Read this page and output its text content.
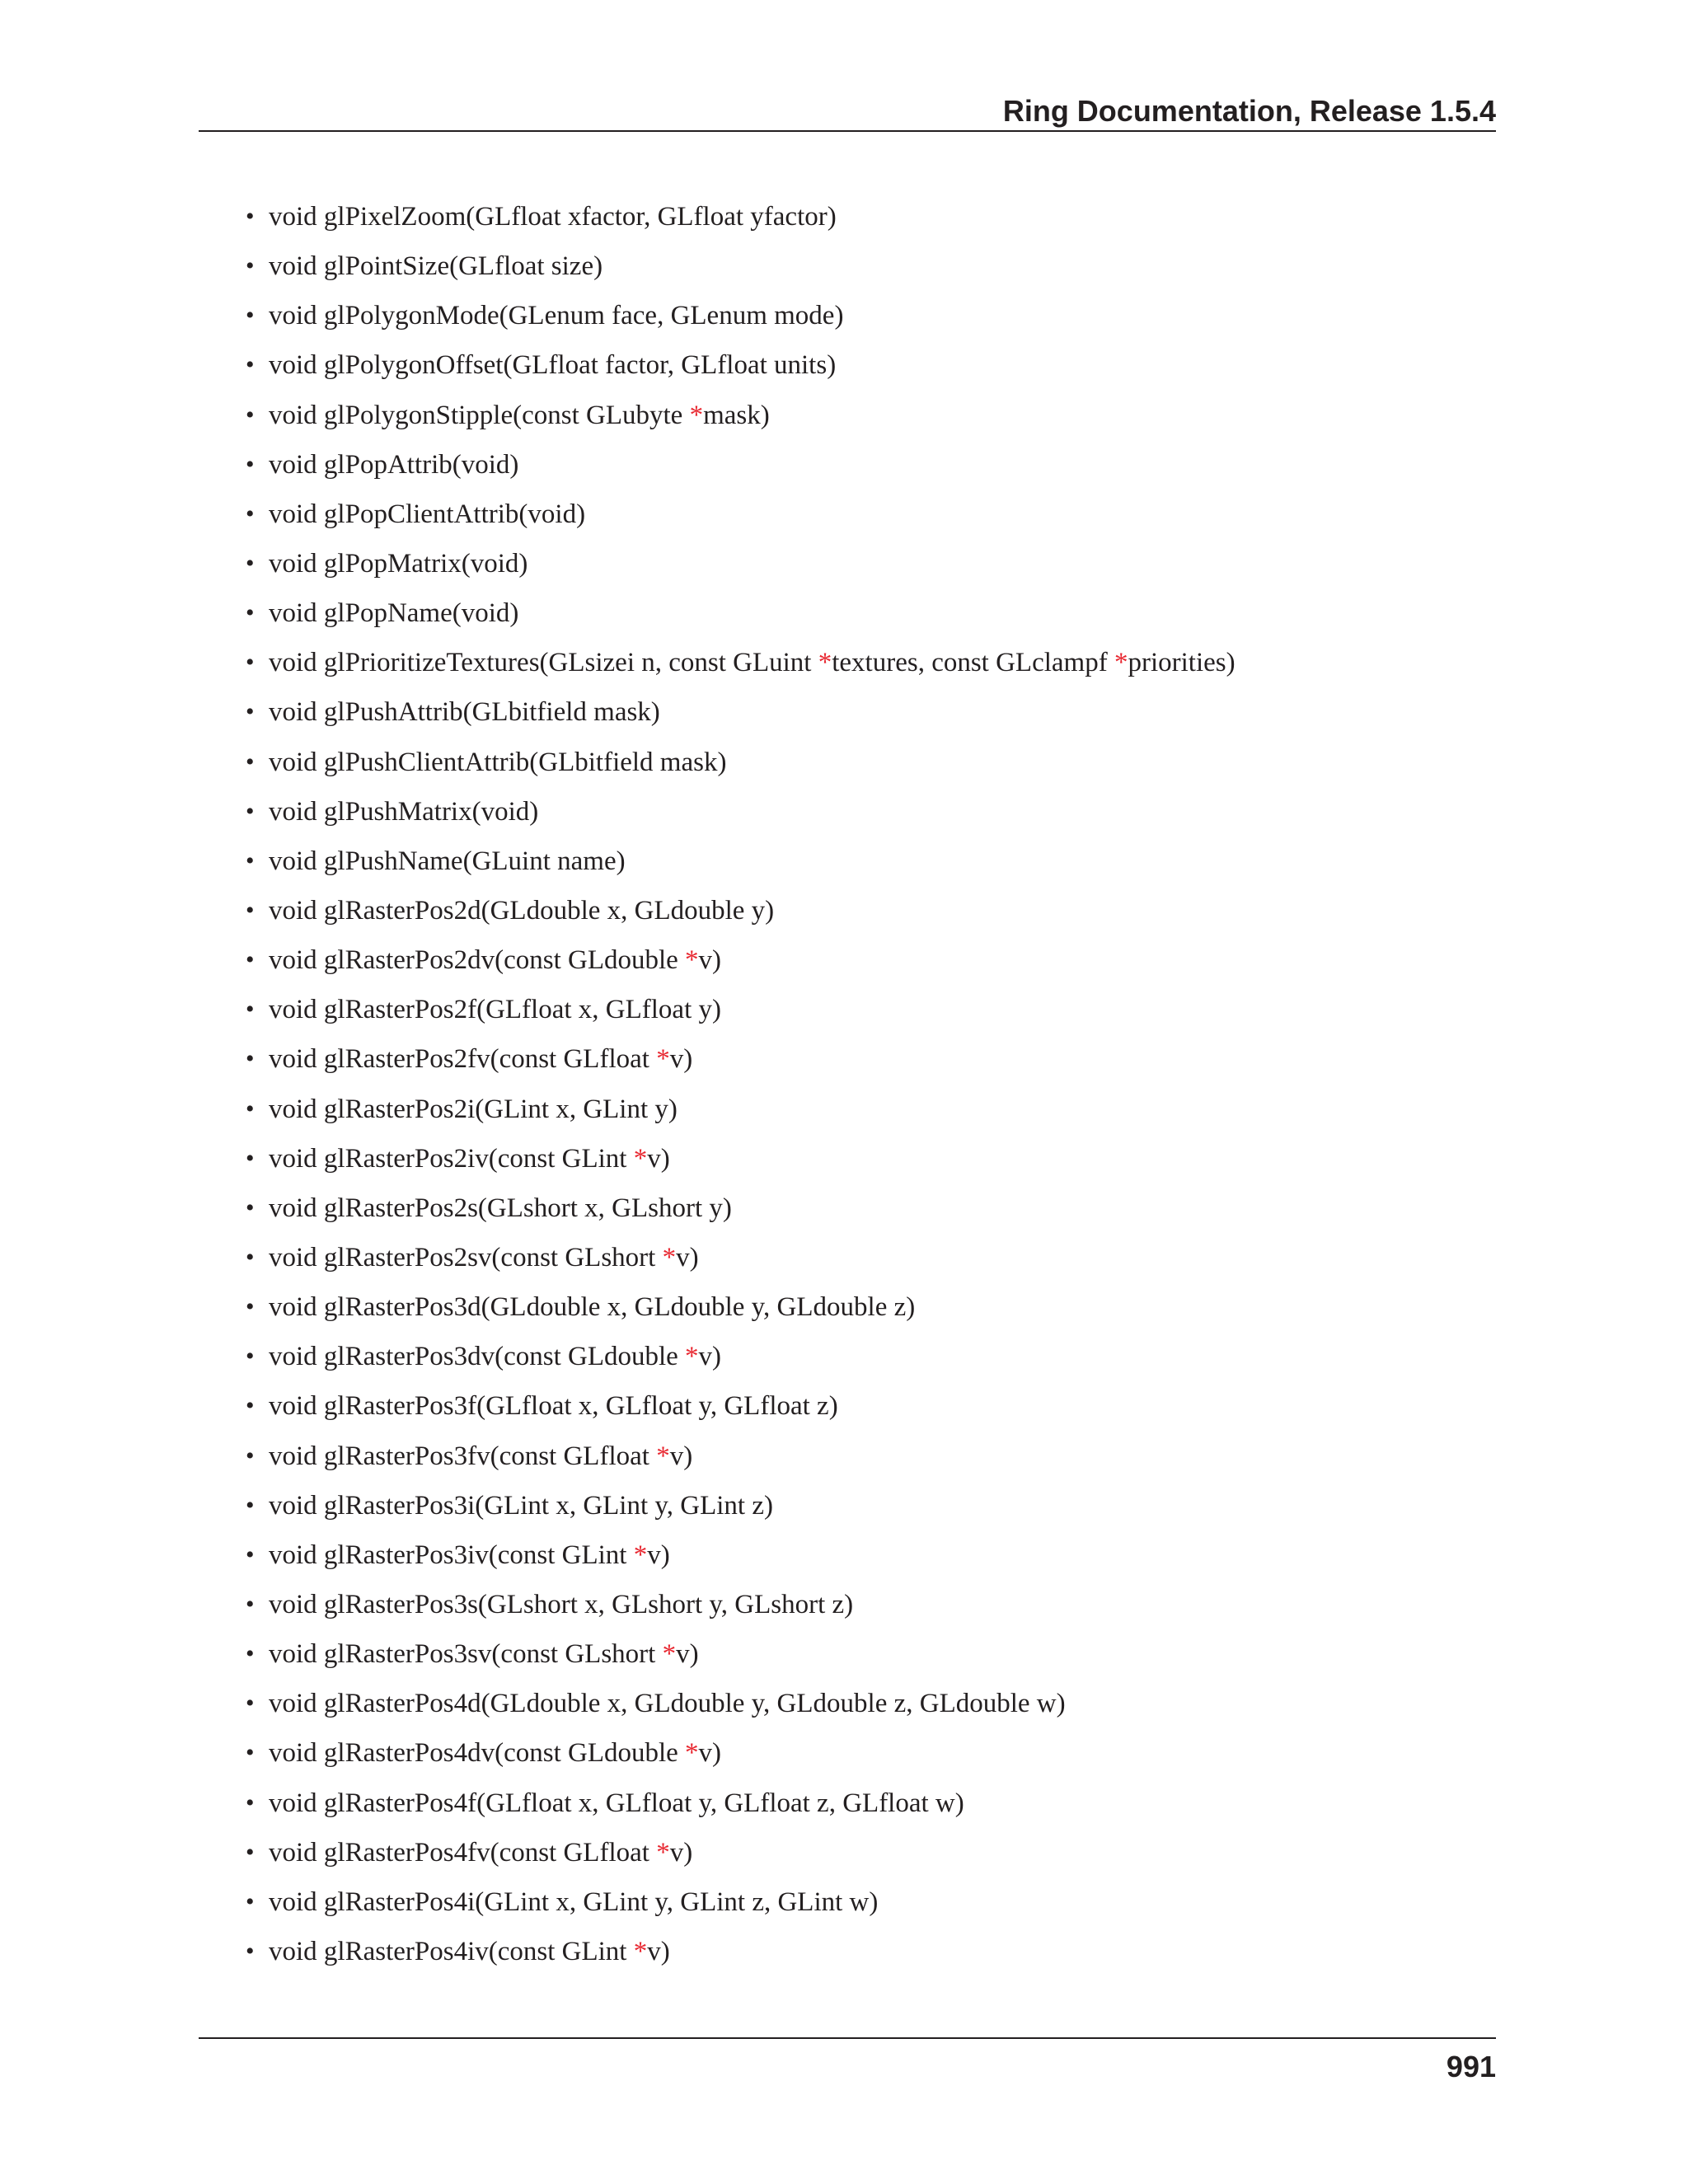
Ring Documentation, Release 1.5.4
• void glPixelZoom(GLfloat xfactor, GLfloat yfactor)
• void glPointSize(GLfloat size)
• void glPolygonMode(GLenum face, GLenum mode)
• void glPolygonOffset(GLfloat factor, GLfloat units)
• void glPolygonStipple(const GLubyte *mask)
• void glPopAttrib(void)
• void glPopClientAttrib(void)
• void glPopMatrix(void)
• void glPopName(void)
• void glPrioritizeTextures(GLsizei n, const GLuint *textures, const GLclampf *priorities)
• void glPushAttrib(GLbitfield mask)
• void glPushClientAttrib(GLbitfield mask)
• void glPushMatrix(void)
• void glPushName(GLuint name)
• void glRasterPos2d(GLdouble x, GLdouble y)
• void glRasterPos2dv(const GLdouble *v)
• void glRasterPos2f(GLfloat x, GLfloat y)
• void glRasterPos2fv(const GLfloat *v)
• void glRasterPos2i(GLint x, GLint y)
• void glRasterPos2iv(const GLint *v)
• void glRasterPos2s(GLshort x, GLshort y)
• void glRasterPos2sv(const GLshort *v)
• void glRasterPos3d(GLdouble x, GLdouble y, GLdouble z)
• void glRasterPos3dv(const GLdouble *v)
• void glRasterPos3f(GLfloat x, GLfloat y, GLfloat z)
• void glRasterPos3fv(const GLfloat *v)
• void glRasterPos3i(GLint x, GLint y, GLint z)
• void glRasterPos3iv(const GLint *v)
• void glRasterPos3s(GLshort x, GLshort y, GLshort z)
• void glRasterPos3sv(const GLshort *v)
• void glRasterPos4d(GLdouble x, GLdouble y, GLdouble z, GLdouble w)
• void glRasterPos4dv(const GLdouble *v)
• void glRasterPos4f(GLfloat x, GLfloat y, GLfloat z, GLfloat w)
• void glRasterPos4fv(const GLfloat *v)
• void glRasterPos4i(GLint x, GLint y, GLint z, GLint w)
• void glRasterPos4iv(const GLint *v)
991
